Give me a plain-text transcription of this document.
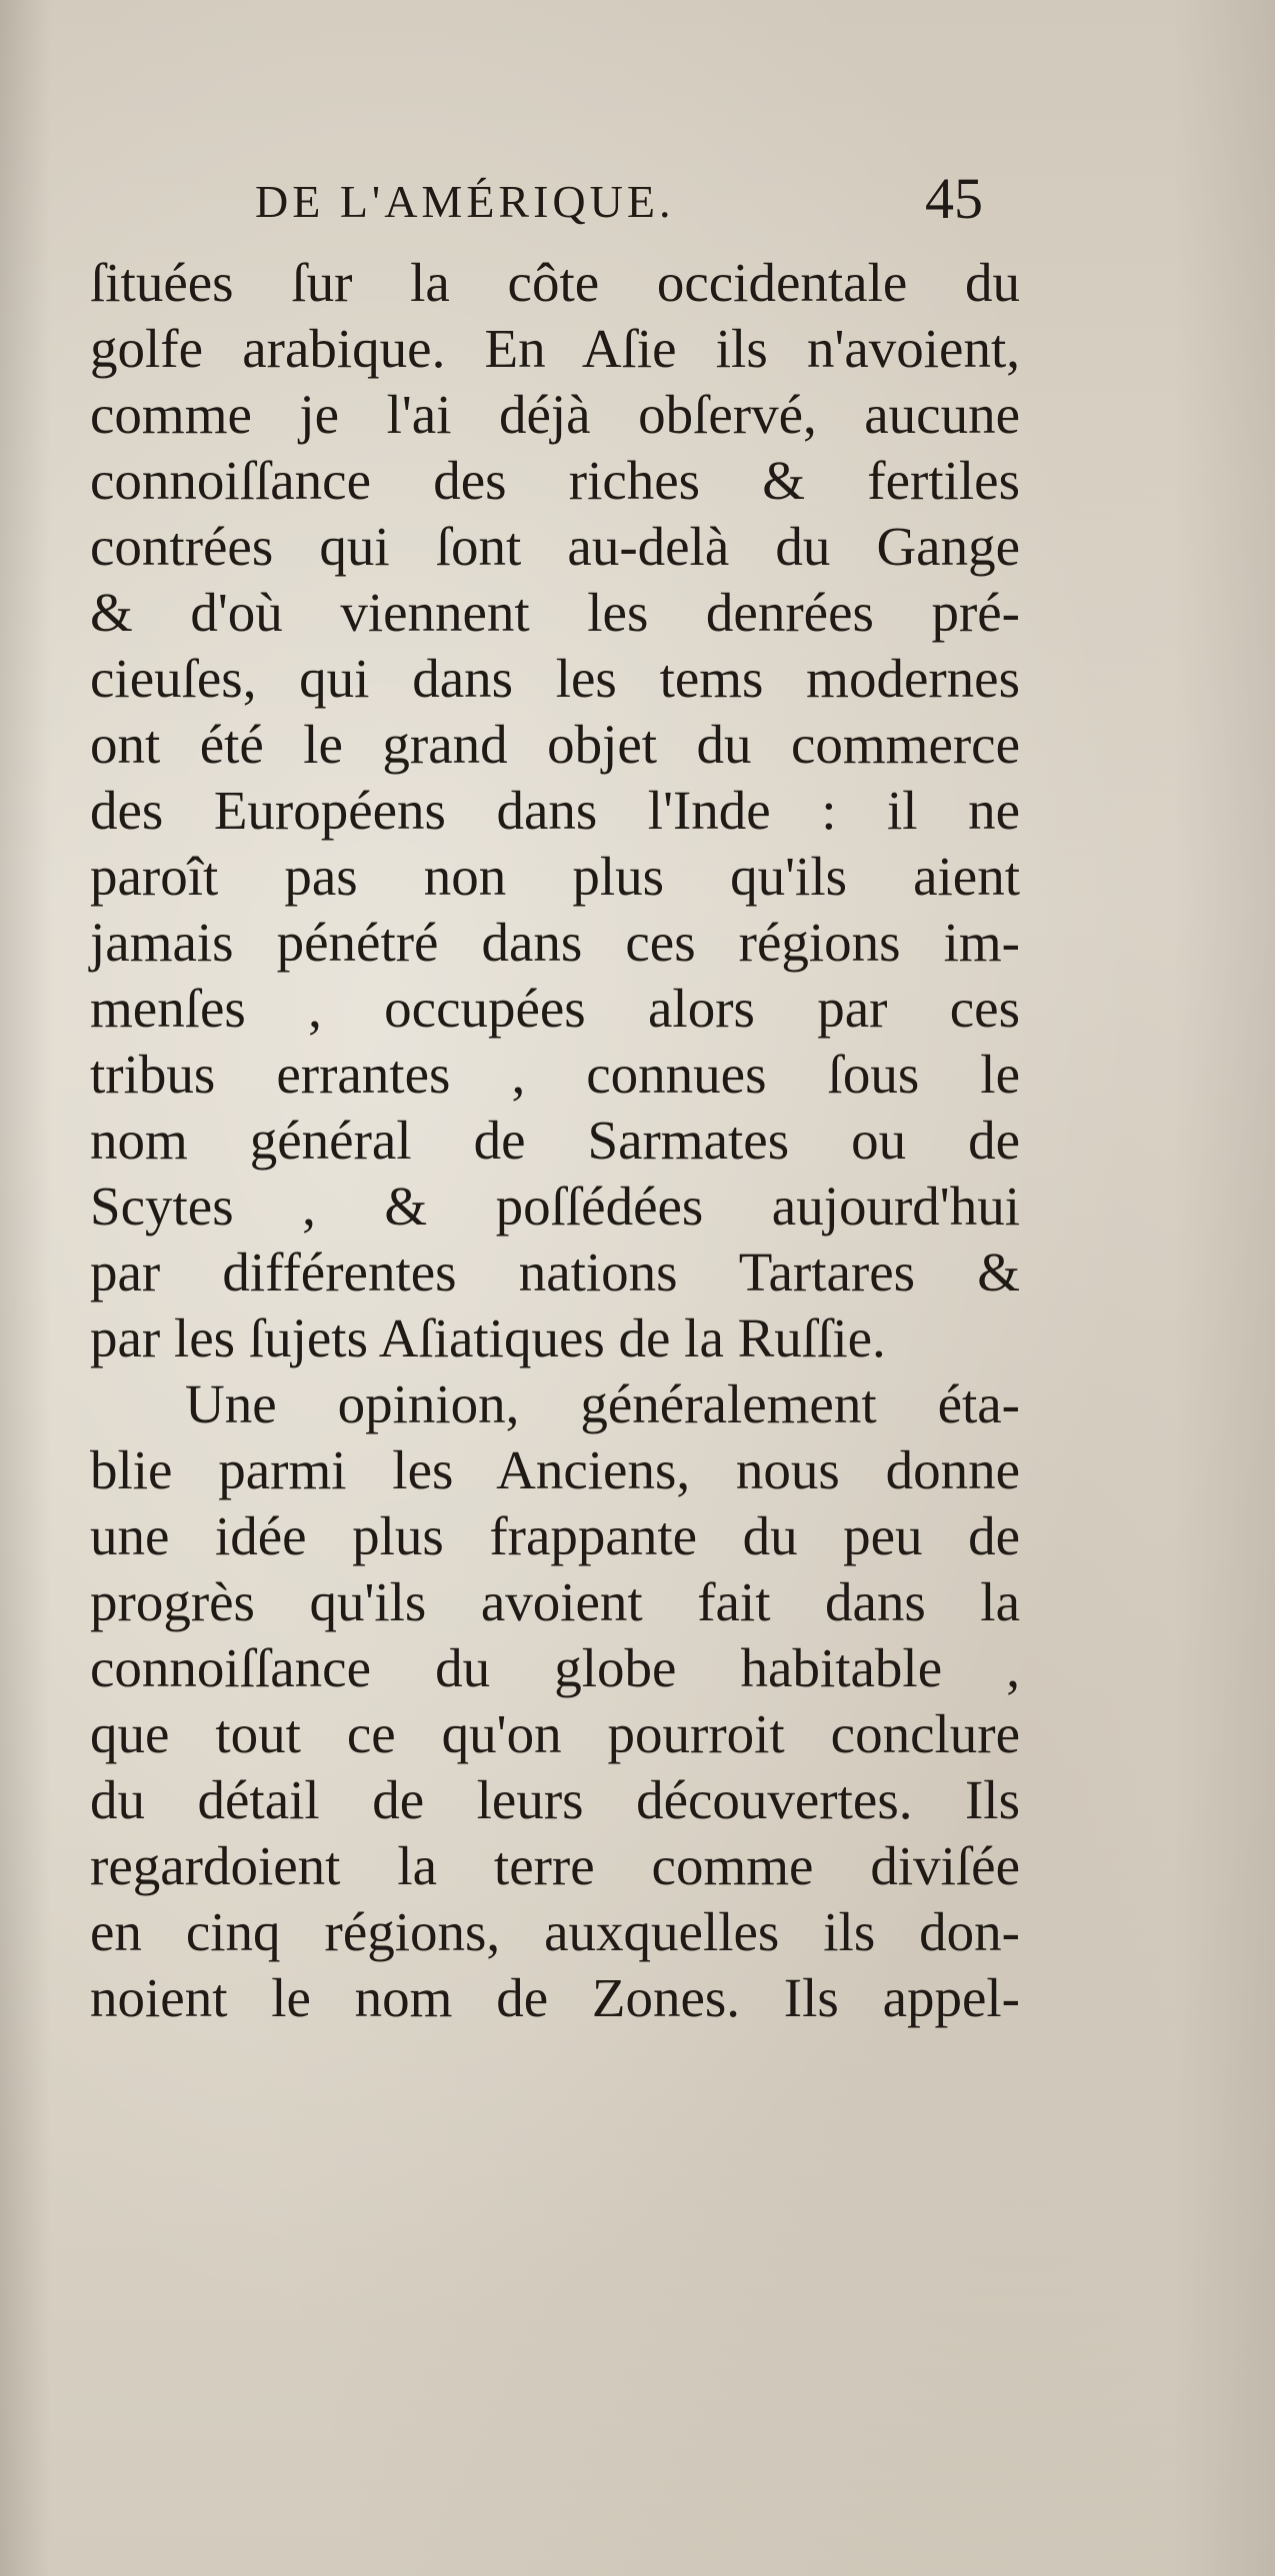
DE L'AMÉRIQUE.	45
ſituées ſur la côte occidentale du
golfe arabique. En Aſie ils n'avoient,
comme je l'ai déjà obſervé, aucune
connoiſſance des riches & fertiles
contrées qui ſont au-delà du Gange
& d'où viennent les denrées pré-
cieuſes, qui dans les tems modernes
ont été le grand objet du commerce
des Européens dans l'Inde : il ne
paroît pas non plus qu'ils aient
jamais pénétré dans ces régions im-
menſes , occupées alors par ces
tribus errantes , connues ſous le
nom général de Sarmates ou de
Scytes , & poſſédées aujourd'hui
par différentes nations Tartares &
par les ſujets Aſiatiques de la Ruſſie.
Une opinion, généralement éta-
blie parmi les Anciens, nous donne
une idée plus frappante du peu de
progrès qu'ils avoient fait dans la
connoiſſance du globe habitable ,
que tout ce qu'on pourroit conclure
du détail de leurs découvertes. Ils
regardoient la terre comme diviſée
en cinq régions, auxquelles ils don-
noient le nom de Zones. Ils appel-
